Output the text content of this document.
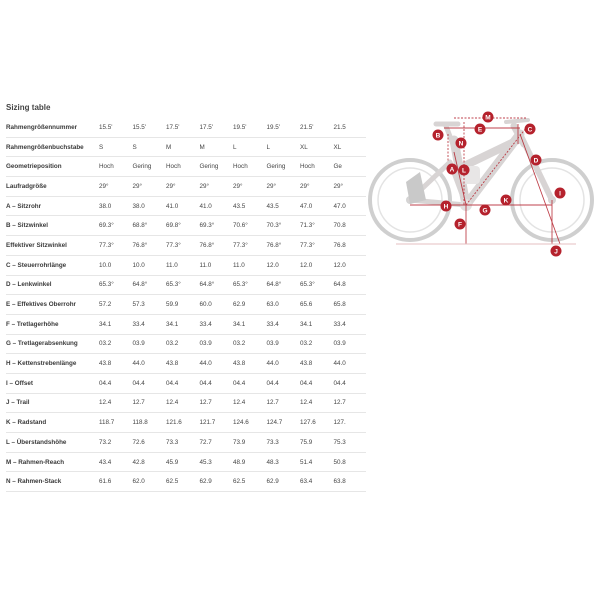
Sizing table
Rahmengrößennummer	15.5'	15.5'	17.5'	17.5'	19.5'	19.5'	21.5'	21.5
Rahmengrößenbuchstabe	S	S	M	M	L	L	XL	XL
Geometrieposition	Hoch	Gering	Hoch	Gering	Hoch	Gering	Hoch	Ge
Laufradgröße	29°	29°	29°	29°	29°	29°	29°	29°
A – Sitzrohr	38.0	38.0	41.0	41.0	43.5	43.5	47.0	47.0
B – Sitzwinkel	69.3°	68.8°	69.8°	69.3°	70.6°	70.3°	71.3°	70.8
Effektiver Sitzwinkel	77.3°	76.8°	77.3°	76.8°	77.3°	76.8°	77.3°	76.8
C – Steuerrohrlänge	10.0	10.0	11.0	11.0	11.0	12.0	12.0	12.0
D – Lenkwinkel	65.3°	64.8°	65.3°	64.8°	65.3°	64.8°	65.3°	64.8
E – Effektives Oberrohr	57.2	57.3	59.9	60.0	62.9	63.0	65.6	65.8
F – Tretlagerhöhe	34.1	33.4	34.1	33.4	34.1	33.4	34.1	33.4
G – Tretlagerabsenkung	03.2	03.9	03.2	03.9	03.2	03.9	03.2	03.9
H – Kettenstrebenlänge	43.8	44.0	43.8	44.0	43.8	44.0	43.8	44.0
I – Offset	04.4	04.4	04.4	04.4	04.4	04.4	04.4	04.4
J – Trail	12.4	12.7	12.4	12.7	12.4	12.7	12.4	12.7
K – Radstand	118.7	118.8	121.6	121.7	124.6	124.7	127.6	127.
L – Überstandshöhe	73.2	72.6	73.3	72.7	73.9	73.3	75.9	75.3
M – Rahmen-Reach	43.4	42.8	45.9	45.3	48.9	48.3	51.4	50.8
N – Rahmen-Stack	61.6	62.0	62.5	62.9	62.5	62.9	63.4	63.8
M
E	C
B
N
A L
D
I
K
H
G
F
J
